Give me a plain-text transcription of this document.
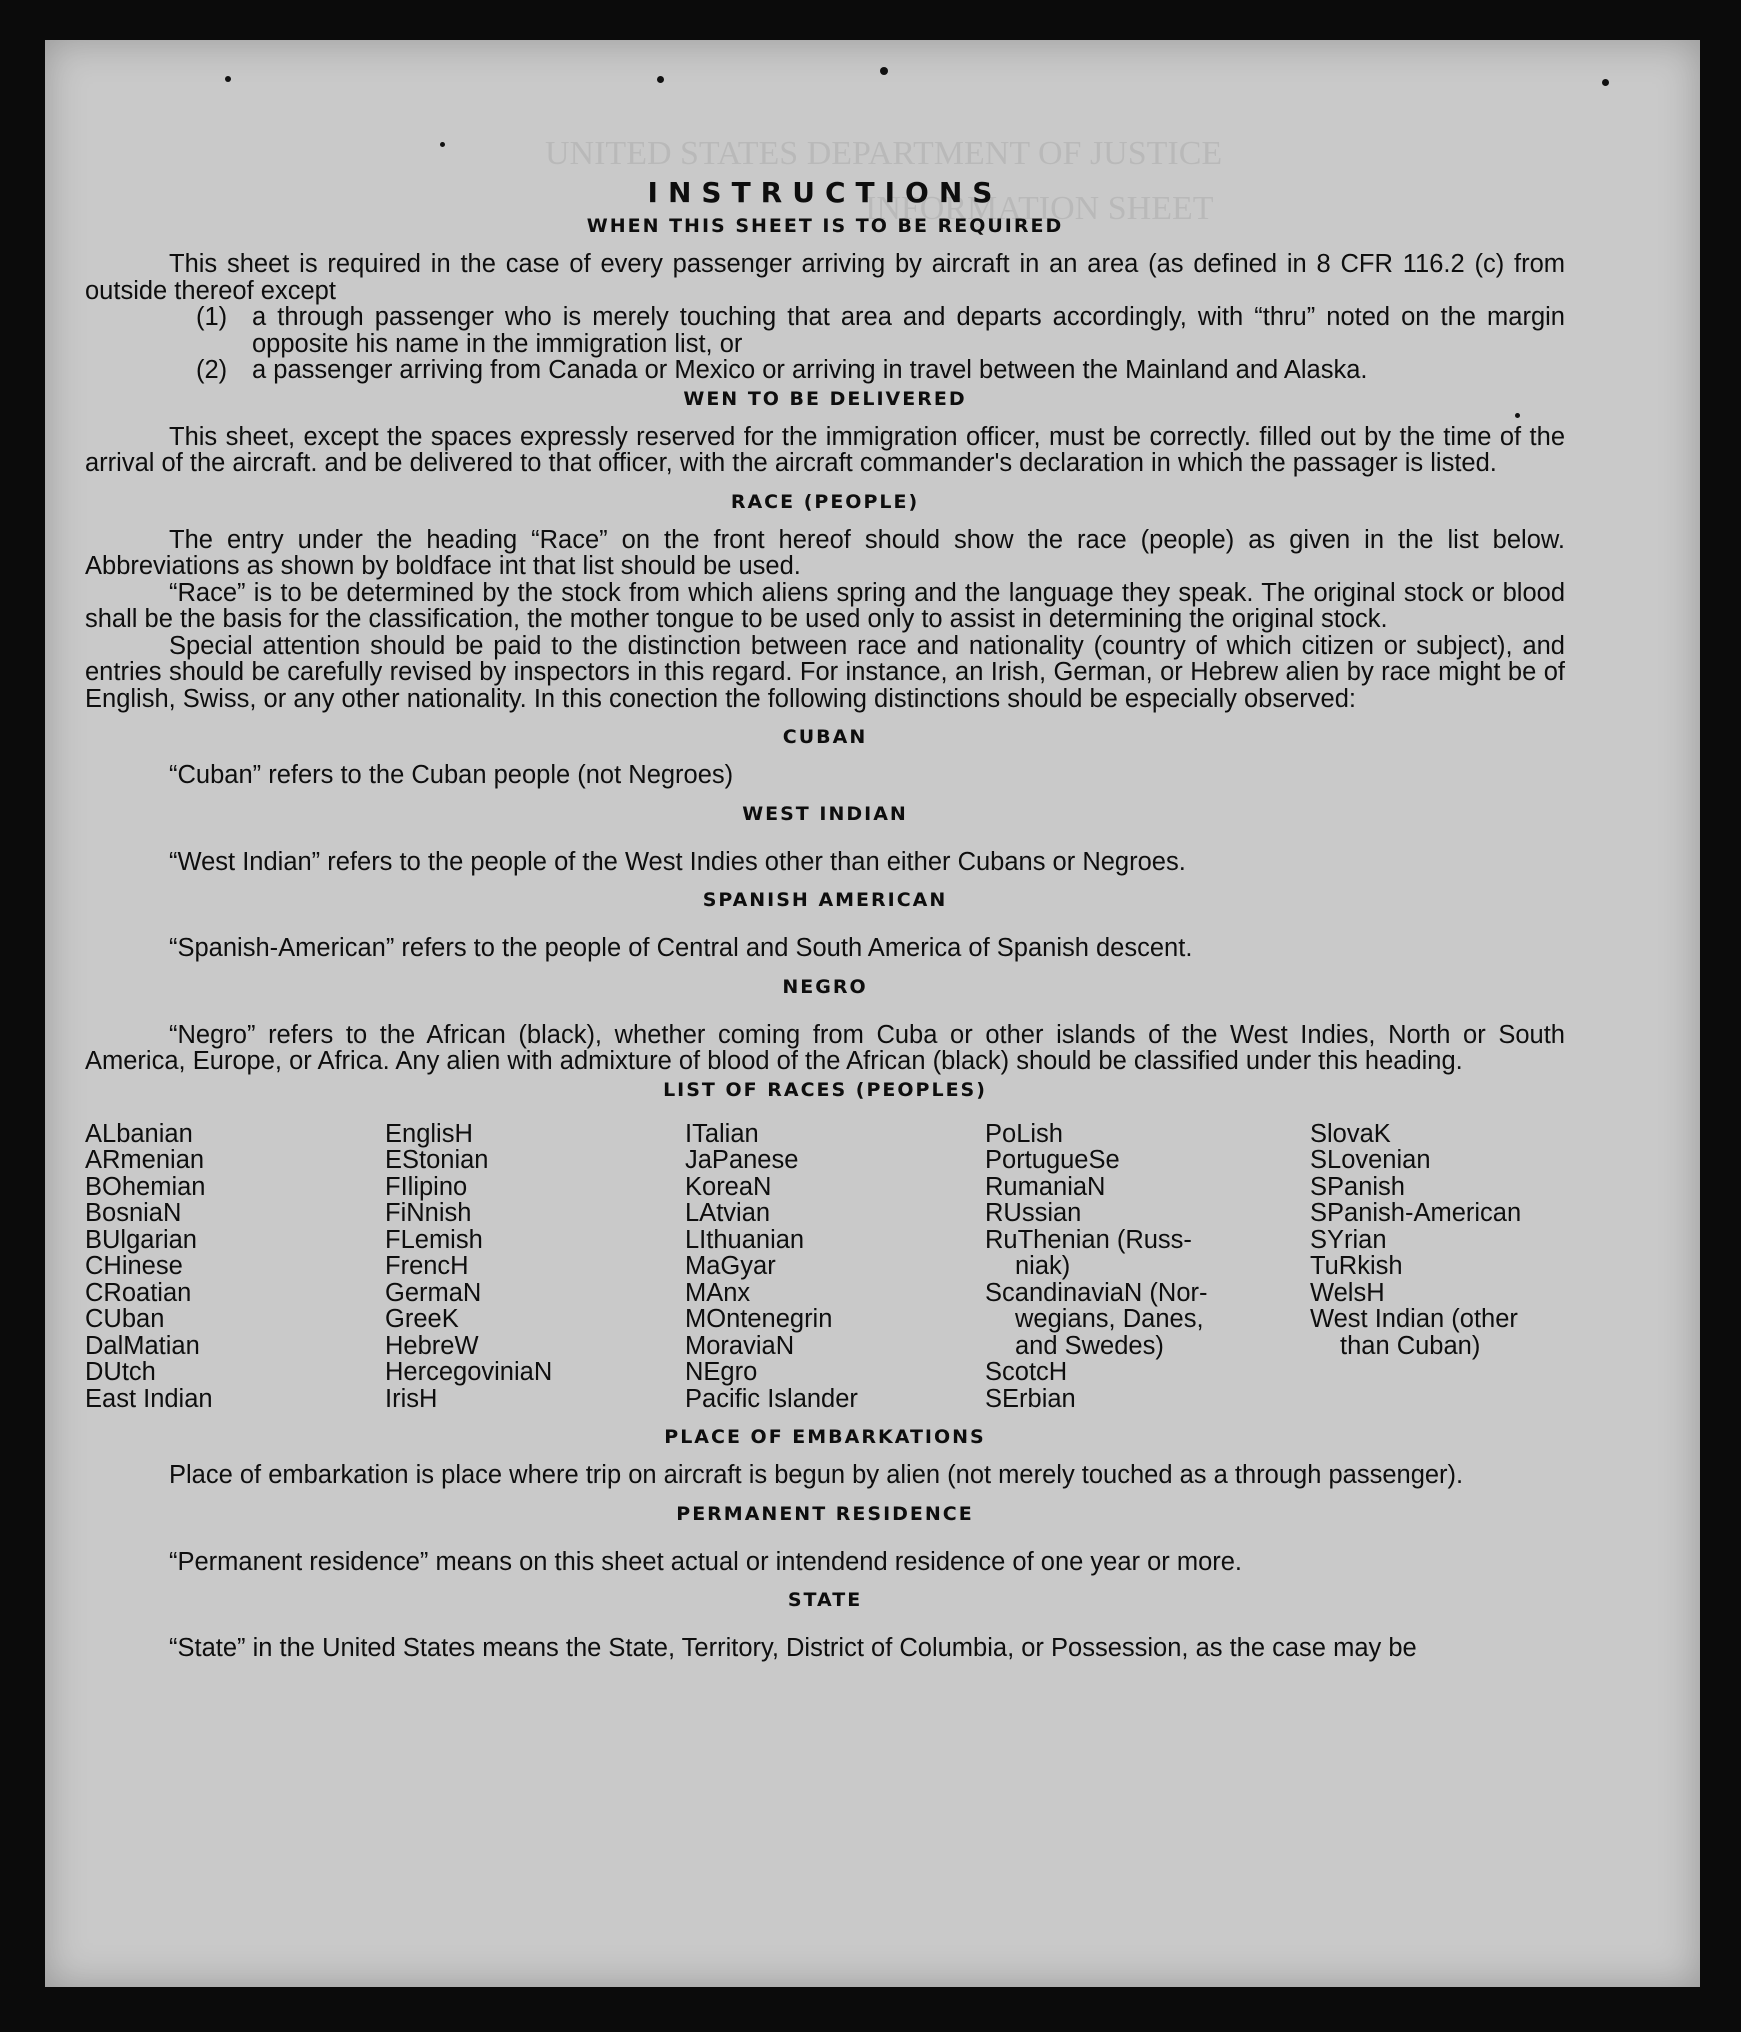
UNITED STATES DEPARTMENT OF JUSTICE
INFORMATION SHEET
INSTRUCTIONS
WHEN THIS SHEET IS TO BE REQUIRED

This sheet is required in the case of every passenger arriving by aircraft in an area (as defined in 8 CFR 116.2 (c) from outside thereof except

(1) a through passenger who is merely touching that area and departs accordingly, with “thru” noted on the margin opposite his name in the immigration list, or
(2) a passenger arriving from Canada or Mexico or arriving in travel between the Mainland and Alaska.
WEN TO BE DELIVERED

This sheet, except the spaces expressly reserved for the immigration officer, must be correctly. filled out by the time of the arrival of the aircraft. and be delivered to that officer, with the aircraft commander's declaration in which the passager is listed.

RACE (PEOPLE)

The entry under the heading “Race” on the front hereof should show the race (people) as given in the list below. Abbreviations as shown by boldface int that list should be used.

“Race” is to be determined by the stock from which aliens spring and the language they speak. The original stock or blood shall be the basis for the classification, the mother tongue to be used only to assist in determining the original stock.

Special attention should be paid to the distinction between race and nationality (country of which citizen or subject), and entries should be carefully revised by inspectors in this regard. For instance, an Irish, German, or Hebrew alien by race might be of English, Swiss, or any other nationality. In this conection the following distinctions should be especially observed:

CUBAN

“Cuban” refers to the Cuban people (not Negroes)

WEST INDIAN

“West Indian” refers to the people of the West Indies other than either Cubans or Negroes.

SPANISH AMERICAN

“Spanish-American” refers to the people of Central and South America of Spanish descent.

NEGRO

“Negro” refers to the African (black), whether coming from Cuba or other islands of the West Indies, North or South America, Europe, or Africa. Any alien with admixture of blood of the African (black) should be classified under this heading.

LIST OF RACES (PEOPLES)
ALbanian
ARmenian
BOhemian
BosniaN
BUlgarian
CHinese
CRoatian
CUban
DalMatian
DUtch
East Indian
EnglisH
EStonian
FIlipino
FiNnish
FLemish
FrencH
GermaN
GreeK
HebreW
HercegoviniaN
IrisH
ITalian
JaPanese
KoreaN
LAtvian
LIthuanian
MaGyar
MAnx
MOntenegrin
MoraviaN
NEgro
Pacific Islander
PoLish
PortugueSe
RumaniaN
RUssian
RuThenian (Russ-
niak)
ScandinaviaN (Nor-
wegians, Danes,
and Swedes)
ScotcH
SErbian
SlovaK
SLovenian
SPanish
SPanish-American
SYrian
TuRkish
WelsH
West Indian (other
than Cuban)
PLACE OF EMBARKATIONS

Place of embarkation is place where trip on aircraft is begun by alien (not merely touched as a through passenger).

PERMANENT RESIDENCE

“Permanent residence” means on this sheet actual or intendend residence of one year or more.

STATE

“State” in the United States means the State, Territory, District of Columbia, or Possession, as the case may be
